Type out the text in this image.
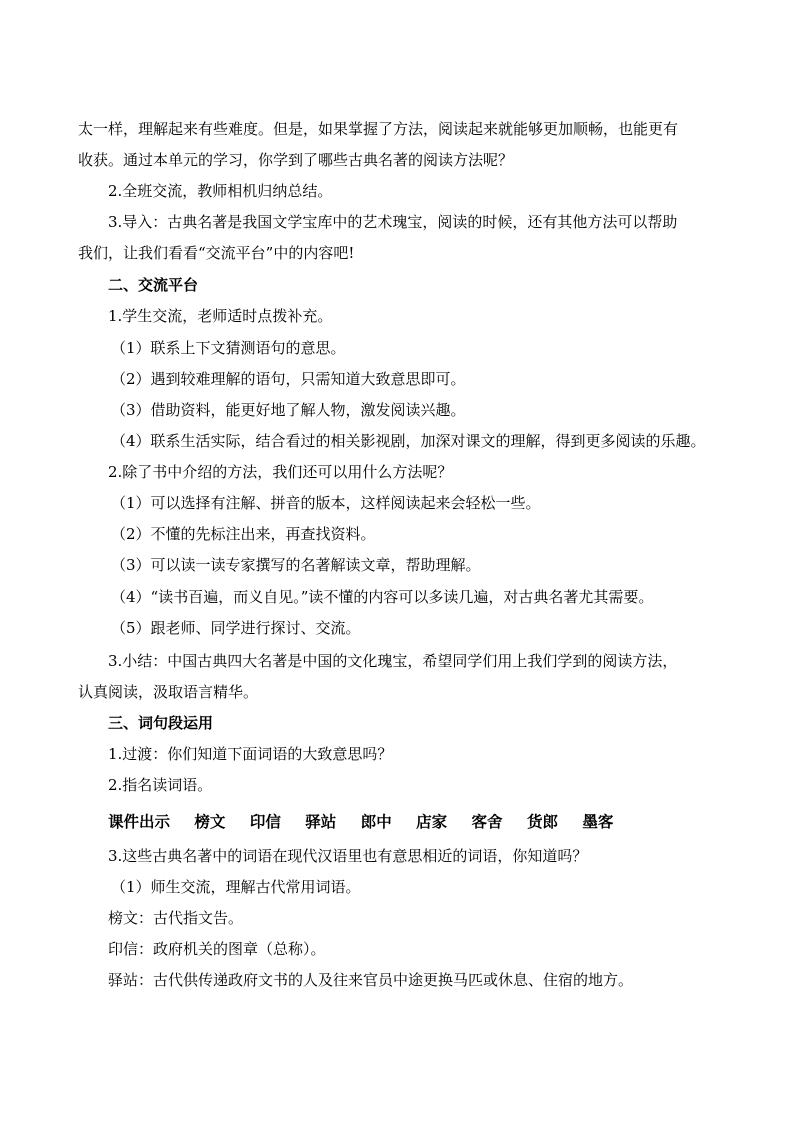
太一样，理解起来有些难度。但是，如果掌握了方法，阅读起来就能够更加顺畅，也能更有
收获。通过本单元的学习，你学到了哪些古典名著的阅读方法呢？
2.全班交流，教师相机归纳总结。
3.导入：古典名著是我国文学宝库中的艺术瑰宝，阅读的时候，还有其他方法可以帮助
我们，让我们看看“交流平台”中的内容吧!
二、交流平台
1.学生交流，老师适时点拨补充。
（1）联系上下文猜测语句的意思。
（2）遇到较难理解的语句，只需知道大致意思即可。
（3）借助资料，能更好地了解人物，激发阅读兴趣。
（4）联系生活实际，结合看过的相关影视剧，加深对课文的理解，得到更多阅读的乐趣。
2.除了书中介绍的方法，我们还可以用什么方法呢？
（1）可以选择有注解、拼音的版本，这样阅读起来会轻松一些。
（2）不懂的先标注出来，再查找资料。
（3）可以读一读专家撰写的名著解读文章，帮助理解。
（4）“读书百遍，而义自见。”读不懂的内容可以多读几遍，对古典名著尤其需要。
（5）跟老师、同学进行探讨、交流。
3.小结：中国古典四大名著是中国的文化瑰宝，希望同学们用上我们学到的阅读方法，
认真阅读，汲取语言精华。
三、词句段运用
1.过渡：你们知道下面词语的大致意思吗？
2.指名读词语。
课件出示 榜文 印信 驿站 郎中 店家 客舍 货郎 墨客
3.这些古典名著中的词语在现代汉语里也有意思相近的词语，你知道吗？
（1）师生交流，理解古代常用词语。
榜文：古代指文告。
印信：政府机关的图章（总称）。
驿站：古代供传递政府文书的人及往来官员中途更换马匹或休息、住宿的地方。
